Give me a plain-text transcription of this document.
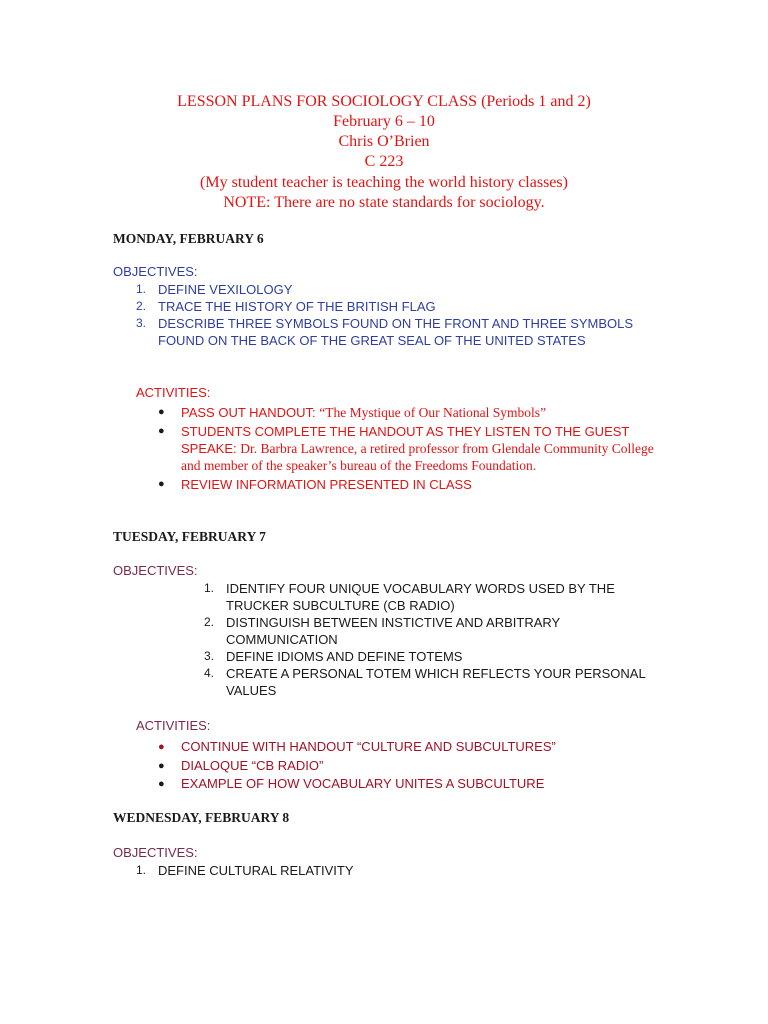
LESSON PLANS FOR SOCIOLOGY CLASS (Periods 1 and 2)
February 6 – 10
Chris O’Brien
C 223
(My student teacher is teaching the world history classes)
NOTE: There are no state standards for sociology.
MONDAY, FEBRUARY 6
OBJECTIVES:
1. DEFINE VEXILOLOGY
2. TRACE THE HISTORY OF THE BRITISH FLAG
3. DESCRIBE THREE SYMBOLS FOUND ON THE FRONT AND THREE SYMBOLS FOUND ON THE BACK OF THE GREAT SEAL OF THE UNITED STATES
ACTIVITIES:
● PASS OUT HANDOUT: “The Mystique of Our National Symbols”
● STUDENTS COMPLETE THE HANDOUT AS THEY LISTEN TO THE GUEST SPEAKE: Dr. Barbra Lawrence, a retired professor from Glendale Community College and member of the speaker’s bureau of the Freedoms Foundation.
● REVIEW INFORMATION PRESENTED IN CLASS
TUESDAY, FEBRUARY 7
OBJECTIVES:
1. IDENTIFY FOUR UNIQUE VOCABULARY WORDS USED BY THE TRUCKER SUBCULTURE (CB RADIO)
2. DISTINGUISH BETWEEN INSTICTIVE AND ARBITRARY COMMUNICATION
3. DEFINE IDIOMS AND DEFINE TOTEMS
4. CREATE A PERSONAL TOTEM WHICH REFLECTS YOUR PERSONAL VALUES
ACTIVITIES:
● CONTINUE WITH HANDOUT “CULTURE AND SUBCULTURES”
● DIALOQUE “CB RADIO”
● EXAMPLE OF HOW VOCABULARY UNITES A SUBCULTURE
WEDNESDAY, FEBRUARY 8
OBJECTIVES:
1. DEFINE CULTURAL RELATIVITY
